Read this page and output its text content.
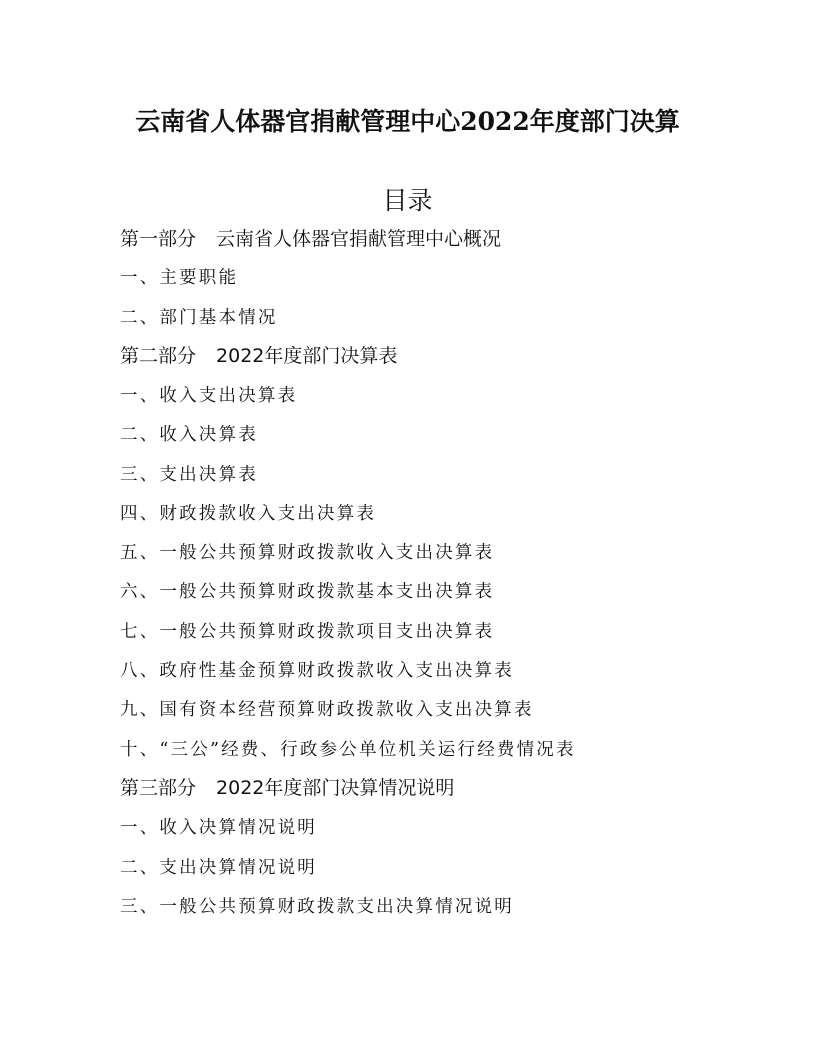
云南省人体器官捐献管理中心2022年度部门决算
目录
第一部分 云南省人体器官捐献管理中心概况
一、主要职能
二、部门基本情况
第二部分 2022年度部门决算表
一、收入支出决算表
二、收入决算表
三、支出决算表
四、财政拨款收入支出决算表
五、一般公共预算财政拨款收入支出决算表
六、一般公共预算财政拨款基本支出决算表
七、一般公共预算财政拨款项目支出决算表
八、政府性基金预算财政拨款收入支出决算表
九、国有资本经营预算财政拨款收入支出决算表
十、“三公”经费、行政参公单位机关运行经费情况表
第三部分 2022年度部门决算情况说明
一、收入决算情况说明
二、支出决算情况说明
三、一般公共预算财政拨款支出决算情况说明
